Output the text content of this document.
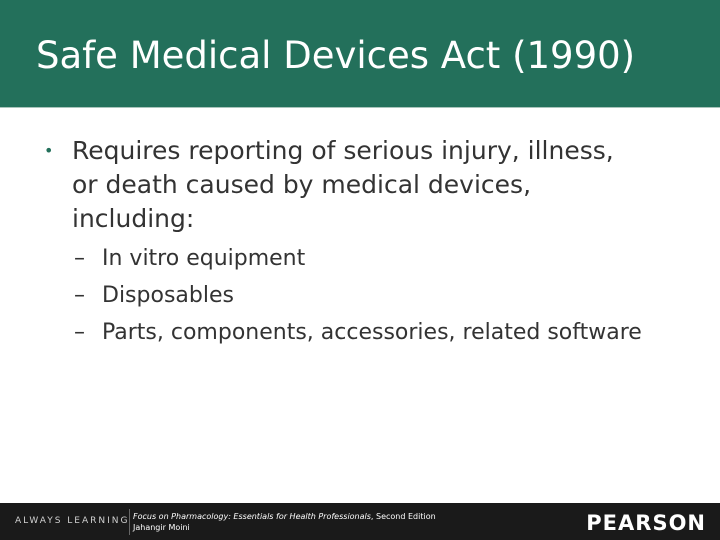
Safe Medical Devices Act (1990)
• Requires reporting of serious injury, illness, or death caused by medical devices, including:
– In vitro equipment
– Disposables
– Parts, components, accessories, related software
ALWAYS LEARNING Focus on Pharmacology: Essentials for Health Professionals, Second Edition
Jahangir Moini	PEARSON
